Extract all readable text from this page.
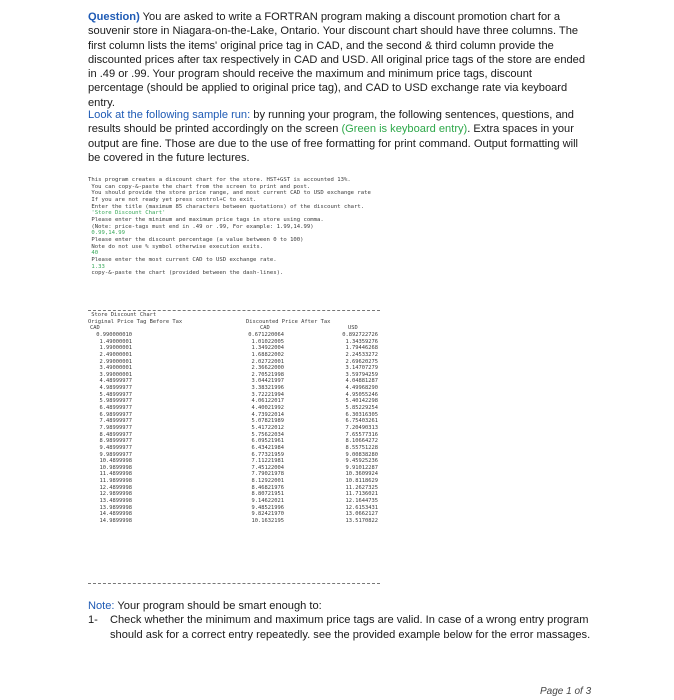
Question) You are asked to write a FORTRAN program making a discount promotion chart for a souvenir store in Niagara-on-the-Lake, Ontario. Your discount chart should have three columns. The first column lists the items' original price tag in CAD, and the second & third column provide the discounted prices after tax respectively in CAD and USD. All original price tags of the store are ended in .49 or .99. Your program should receive the maximum and minimum price tags, discount percentage (should be applied to original price tag), and CAD to USD exchange rate via keyboard entry.
Look at the following sample run: by running your program, the following sentences, questions, and results should be printed accordingly on the screen (Green is keyboard entry). Extra spaces in your output are fine. Those are due to the use of free formatting for print command. Output formatting will be covered in the future lectures.
This program creates a discount chart for the store. HST+GST is accounted 13%.
You can copy-&-paste the chart from the screen to print and post.
You should provide the store price range, and most current CAD to USD exchange rate
If you are not ready yet press control+C to exit.
Enter the title (maximum 85 characters between quotations) of the discount chart.
'Store Discount Chart'
Please enter the minimum and maximum price tags in store using comma.
(Note: price-tags must end in .49 or .99, For example: 1.99,14.99)
0.99,14.99
Please enter the discount percentage (a value between 0 to 100)
Note do not use % symbol otherwise execution exits.
40
Please enter the most current CAD to USD exchange rate.
1.33
copy-&-paste the chart (provided between the dash-lines).
Store Discount Chart
Original Price Tag Before Tax	Discounted Price After Tax
CAD	CAD	USD
0.990000010	0.671220064	0.892722726
1.49000001	1.01022005	1.34359276
1.99000001	1.34922004	1.79446268
2.49000001	1.68822002	2.24533272
2.99000001	2.02722001	2.69620275
3.49000001	2.36622000	3.14707279
3.99000001	2.70521998	3.59794259
4.48999977	3.04421997	4.04881287
4.98999977	3.38321996	4.49968290
5.48999977	3.72221994	4.95055246
5.98999977	4.06122017	5.40142298
6.48999977	4.40021992	5.85229254
6.98999977	4.73922014	6.30316305
7.48999977	5.07821989	6.75403261
7.98999977	5.41722012	7.20490313
8.48999977	5.75622034	7.65577316
8.98999977	6.09521961	8.10664272
9.48999977	6.43421984	8.55751228
9.98999977	6.77321959	9.00838280
10.4899998	7.11221981	9.45925236
10.9899998	7.45122004	9.91012287
11.4899998	7.79021978	10.3609924
11.9899998	8.12922001	10.8118629
12.4899998	8.46821976	11.2627325
12.9899998	8.80721951	11.7136021
13.4899998	9.14622021	12.1644735
13.9899998	9.48521996	12.6153431
14.4899998	9.82421970	13.0662127
14.9899998	10.1632195	13.5170822
Note: Your program should be smart enough to:
1-	Check whether the minimum and maximum price tags are valid. In case of a wrong entry program should ask for a correct entry repeatedly. see the provided example below for the error massages.
Page 1 of 3
